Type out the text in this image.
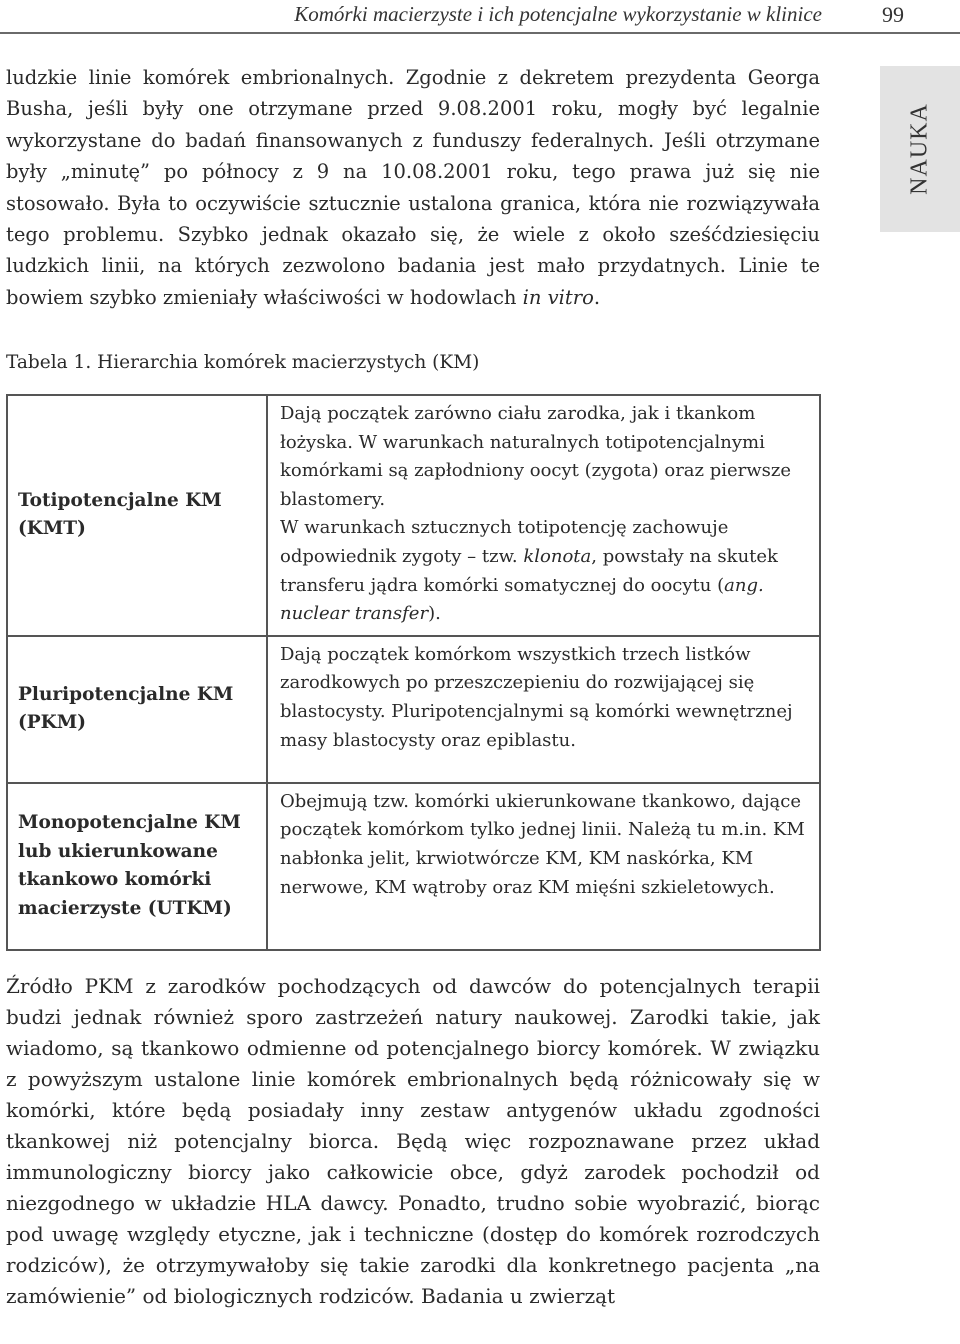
Komórki macierzyste i ich potencjalne wykorzystanie w klinice	99
NAUKA

ludzkie linie komórek embrionalnych. Zgodnie z dekretem prezydenta Georga Busha, jeśli były one otrzymane przed 9.08.2001 roku, mogły być legalnie wykorzystane do badań finansowanych z funduszy federalnych. Jeśli otrzymane były „minutę” po północy z 9 na 10.08.2001 roku, tego prawa już się nie stosowało. Była to oczywiście sztucznie ustalona granica, która nie rozwiązywała tego problemu. Szybko jednak okazało się, że wiele z około sześćdziesięciu ludzkich linii, na których zezwolono badania jest mało przydatnych. Linie te bowiem szybko zmieniały właściwości w hodowlach in vitro.

Tabela 1. Hierarchia komórek macierzystych (KM)
Totipotencjalne KM (KMT)	Dają początek zarówno ciału zarodka, jak i tkankom łożyska. W warunkach naturalnych totipotencjalnymi komórkami są zapłodniony oocyt (zygota) oraz pierwsze blastomery.
W warunkach sztucznych totipotencję zachowuje odpowiednik zygoty – tzw. klonota, powstały na skutek transferu jądra komórki somatycznej do oocytu (ang. nuclear transfer).

Pluripotencjalne KM (PKM)	Dają początek komórkom wszystkich trzech listków zarodkowych po przeszczepieniu do rozwijającej się blastocysty. Pluripotencjalnymi są komórki wewnętrznej masy blastocysty oraz epiblastu.
Monopotencjalne KM lub ukierunkowane tkankowo komórki macierzyste (UTKM)	Obejmują tzw. komórki ukierunkowane tkankowo, dające początek komórkom tylko jednej linii. Należą tu m.in. KM nabłonka jelit, krwiotwórcze KM, KM naskórka, KM nerwowe, KM wątroby oraz KM mięśni szkieletowych.

Źródło PKM z zarodków pochodzących od dawców do potencjalnych terapii budzi jednak również sporo zastrzeżeń natury naukowej. Zarodki takie, jak wiadomo, są tkankowo odmienne od potencjalnego biorcy komórek. W związku z powyższym ustalone linie komórek embrionalnych będą różnicowały się w komórki, które będą posiadały inny zestaw antygenów układu zgodności tkankowej niż potencjalny biorca. Będą więc rozpoznawane przez układ immunologiczny biorcy jako całkowicie obce, gdyż zarodek pochodził od niezgodnego w układzie HLA dawcy. Ponadto, trudno sobie wyobrazić, biorąc pod uwagę względy etyczne, jak i techniczne (dostęp do komórek rozrodczych rodziców), że otrzymywałoby się takie zarodki dla konkretnego pacjenta „na zamówienie” od biologicznych rodziców. Badania u zwierząt
